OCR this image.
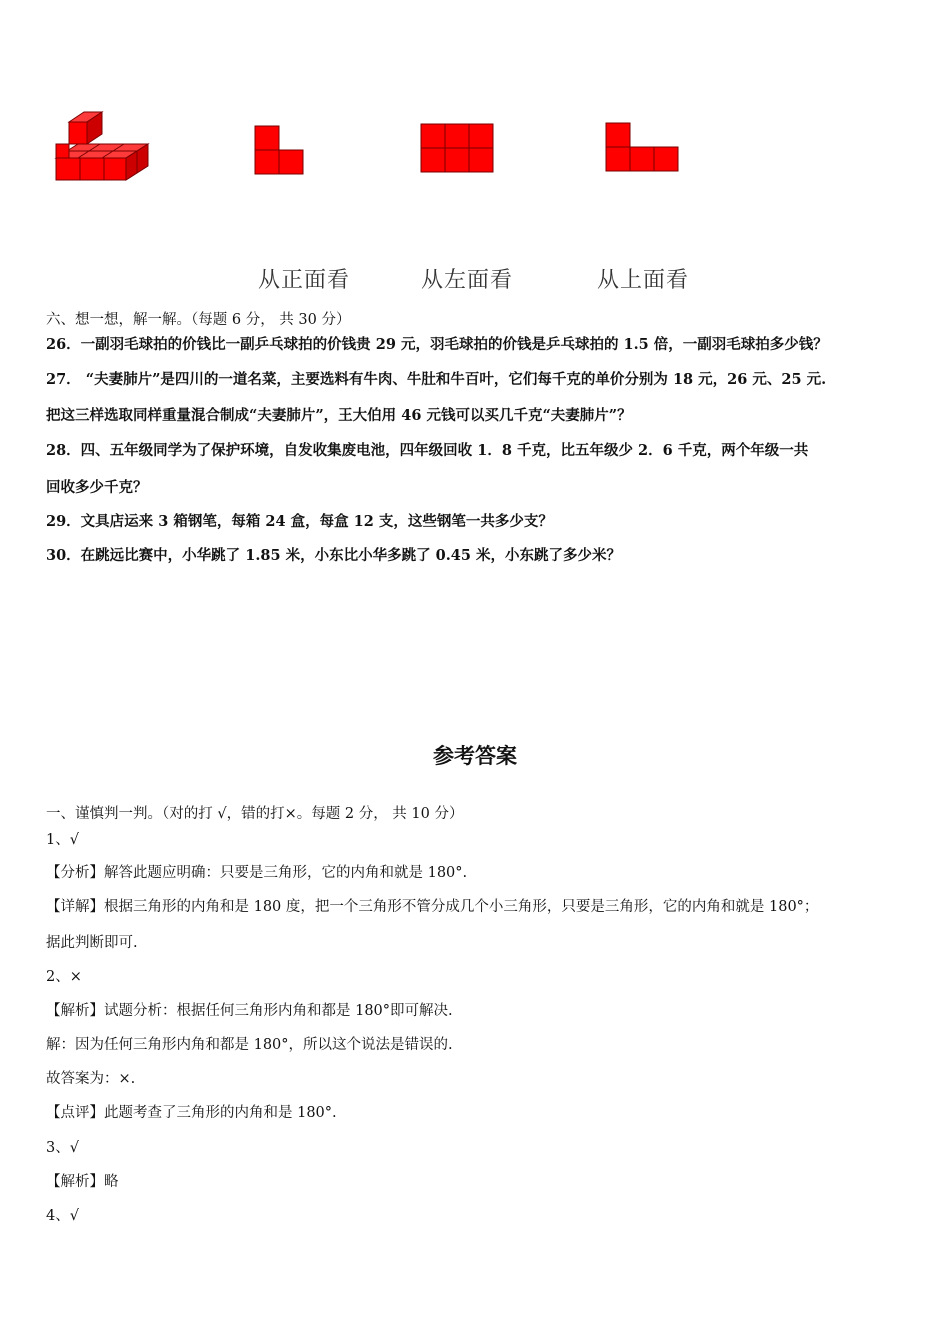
从正面看	从左面看	从上面看
六、想一想，解一解。（每题 6 分， 共 30 分）
26．一副羽毛球拍的价钱比一副乒乓球拍的价钱贵 29 元，羽毛球拍的价钱是乒乓球拍的 1.5 倍，一副羽毛球拍多少钱？
27． “夫妻肺片”是四川的一道名菜，主要选料有牛肉、牛肚和牛百叶，它们每千克的单价分别为 18 元，26 元、25 元.
把这三样选取同样重量混合制成“夫妻肺片”，王大伯用 46 元钱可以买几千克“夫妻肺片”？
28．四、五年级同学为了保护环境，自发收集废电池，四年级回收 1．8 千克，比五年级少 2．6 千克，两个年级一共
回收多少千克？
29．文具店运来 3 箱钢笔，每箱 24 盒，每盒 12 支，这些钢笔一共多少支？
30．在跳远比赛中，小华跳了 1.85 米，小东比小华多跳了 0.45 米，小东跳了多少米？
参考答案
一、谨慎判一判。（对的打 √，错的打×。每题 2 分， 共 10 分）
1、√
【分析】解答此题应明确：只要是三角形，它的内角和就是 180°.
【详解】根据三角形的内角和是 180 度，把一个三角形不管分成几个小三角形，只要是三角形，它的内角和就是 180°；
据此判断即可.
2、×
【解析】试题分析：根据任何三角形内角和都是 180°即可解决.
解：因为任何三角形内角和都是 180°，所以这个说法是错误的.
故答案为：×.
【点评】此题考查了三角形的内角和是 180°.
3、√
【解析】略
4、√
